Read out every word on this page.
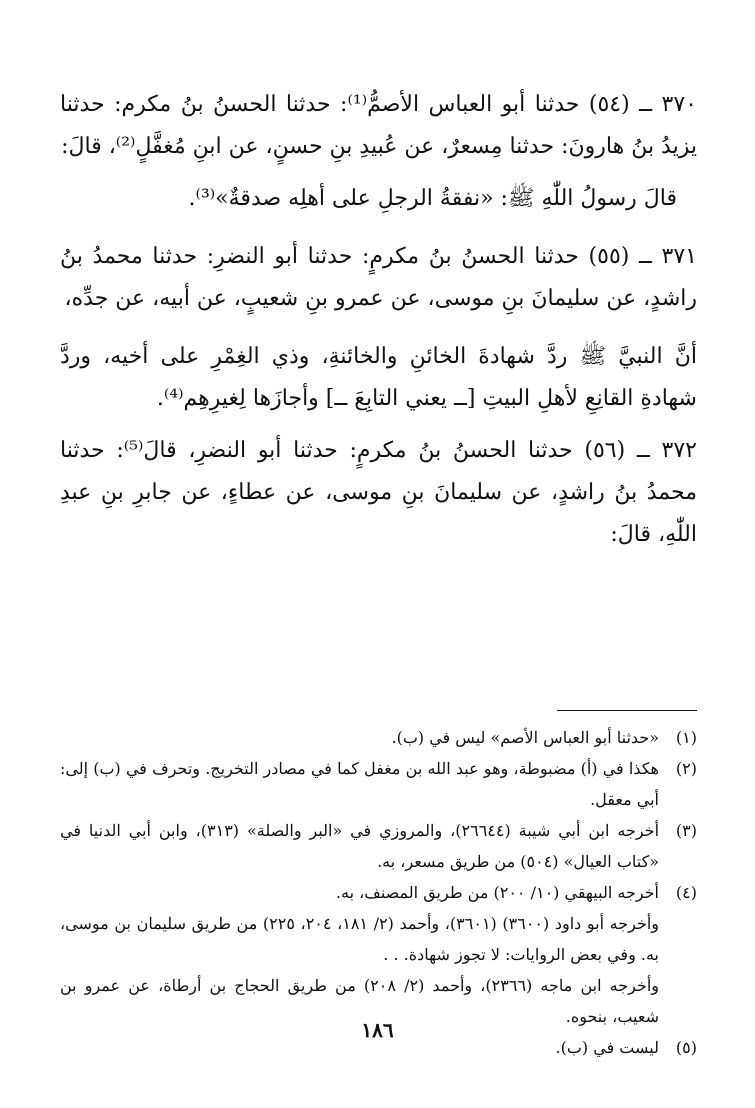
٣٧٠ ــ (٥٤) حدثنا أبو العباس الأصمُّ⁽¹⁾: حدثنا الحسنُ بنُ مكرم: حدثنا يزيدُ بنُ هارونَ: حدثنا مِسعرٌ، عن عُبيدِ بنِ حسنٍ، عن ابنِ مُغفَّلٍ⁽²⁾، قالَ:

قالَ رسولُ اللّٰهِ ﷺ: «نفقةُ الرجلِ على أهلِه صدقةٌ»⁽³⁾.

٣٧١ ــ (٥٥) حدثنا الحسنُ بنُ مكرمٍ: حدثنا أبو النضرِ: حدثنا محمدُ بنُ راشدٍ، عن سليمانَ بنِ موسى، عن عمرو بنِ شعيبٍ، عن أبيه، عن جدِّه،

أنَّ النبيَّ ﷺ ردَّ شهادةَ الخائنِ والخائنةِ، وذي الغِمْرِ على أخيه، وردَّ شهادةِ القانِعِ لأهلِ البيتِ [ــ يعني التابِعَ ــ] وأجازَها لِغيرِهِم⁽⁴⁾.

٣٧٢ ــ (٥٦) حدثنا الحسنُ بنُ مكرمٍ: حدثنا أبو النضرِ، قالَ⁽⁵⁾: حدثنا محمدُ بنُ راشدٍ، عن سليمانَ بنِ موسى، عن عطاءٍ، عن جابرِ بنِ عبدِ اللّٰهِ، قالَ:

(١)

«حدثنا أبو العباس الأصم» ليس في (ب).

(٢)

هكذا في (أ) مضبوطة، وهو عبد الله بن مغفل كما في مصادر التخريج. وتحرف في (ب) إلى: أبي معقل.

(٣)

أخرجه ابن أبي شيبة (٢٦٦٤٤)، والمروزي في «البر والصلة» (٣١٣)، وابن أبي الدنيا في «كتاب العيال» (٥٠٤) من طريق مسعر، به.

(٤)

أخرجه البيهقي (١٠/ ٢٠٠) من طريق المصنف، به.

وأخرجه أبو داود (٣٦٠٠) (٣٦٠١)، وأحمد (٢/ ١٨١، ٢٠٤، ٢٢٥) من طريق سليمان بن موسى، به. وفي بعض الروايات: لا تجوز شهادة. . .

وأخرجه ابن ماجه (٢٣٦٦)، وأحمد (٢/ ٢٠٨) من طريق الحجاج بن أرطاة، عن عمرو بن شعيب، بنحوه.

(٥)

ليست في (ب).

١٨٦
